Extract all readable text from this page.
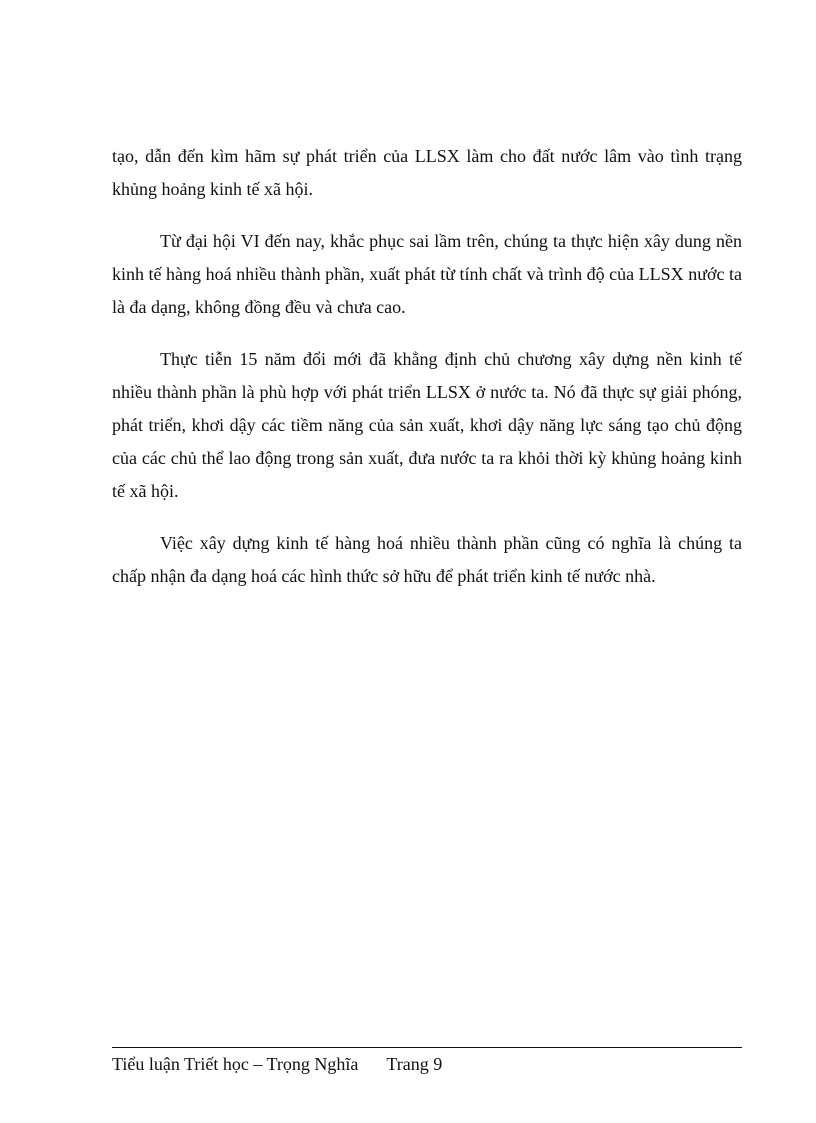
tạo, dẫn đến kìm hãm sự phát triển của LLSX làm cho đất nước lâm vào tình trạng khủng hoảng kinh tế xã hội.

Từ đại hội VI đến nay, khắc phục sai lầm trên, chúng ta thực hiện xây dung nền kinh tế hàng hoá nhiều thành phần, xuất phát từ tính chất và trình độ của LLSX nước ta là đa dạng, không đồng đều và chưa cao.

Thực tiễn 15 năm đổi mới đã khẳng định chủ chương xây dựng nền kinh tế nhiều thành phần là phù hợp với phát triển LLSX ở nước ta. Nó đã thực sự giải phóng, phát triển, khơi dậy các tiềm năng của sản xuất, khơi dậy năng lực sáng tạo chủ động của các chủ thể lao động trong sản xuất, đưa nước ta ra khỏi thời kỳ khủng hoảng kinh tế xã hội.

Việc xây dựng kinh tế hàng hoá nhiều thành phần cũng có nghĩa là chúng ta chấp nhận đa dạng hoá các hình thức sở hữu để phát triển kinh tế nước nhà.

Tiểu luận Triết học – Trọng Nghĩa Trang 9
